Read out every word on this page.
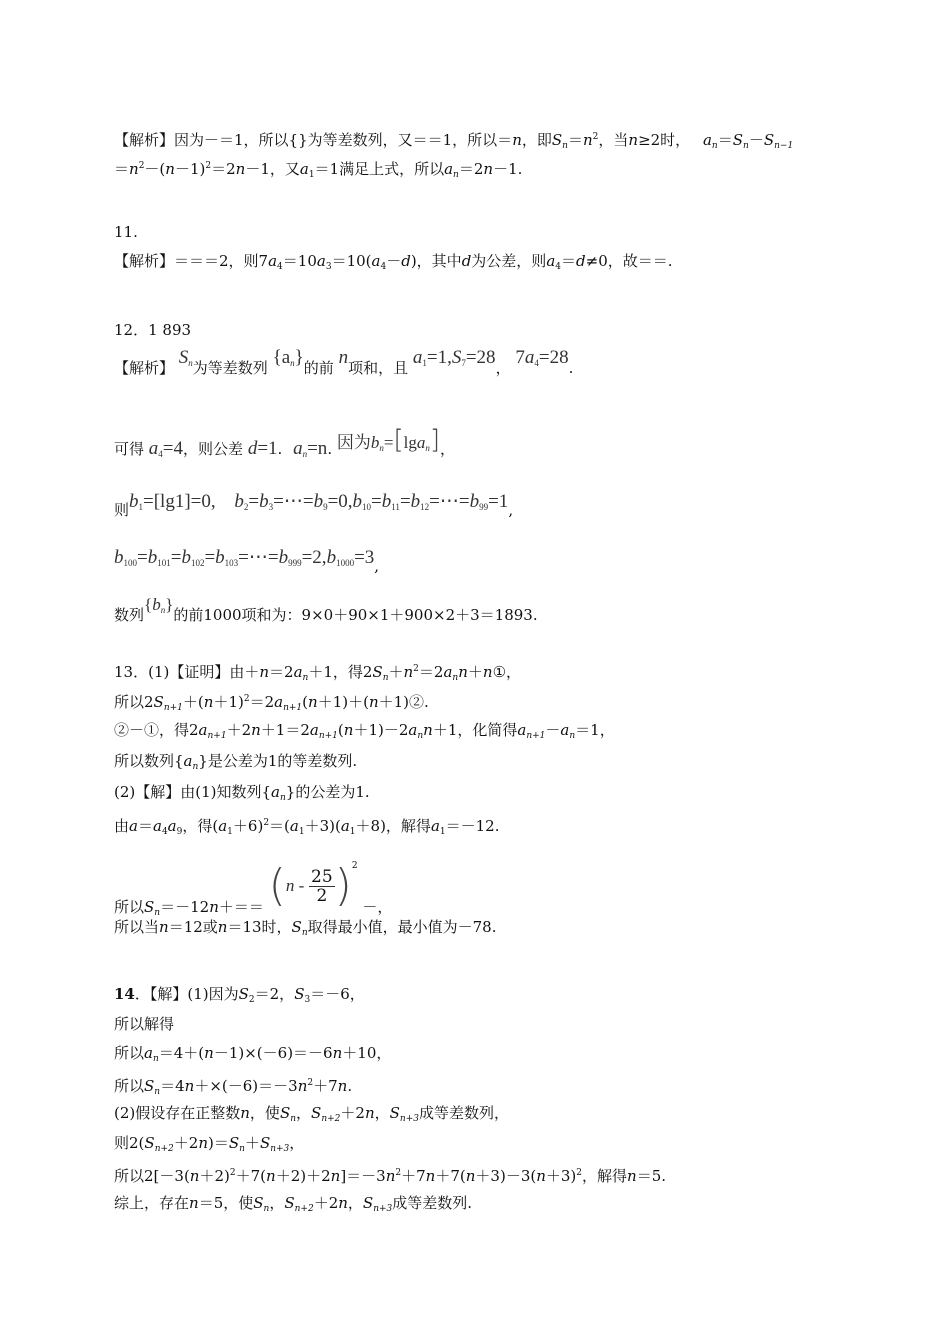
【解析】因为－＝1，所以{}为等差数列，又＝＝1，所以＝n，即$S_n=n^2$，当n≥2时， $a_n=S_n-S_{n-1}$
$=n^2-(n-1)^2=2n-1$，又$a_1=1$满足上式，所以$a_n=2n-1$.
11.
【解析】＝＝＝2，则$7a_4=10a_3=10(a_4-d)$，其中d为公差，则$a_4=d\ne 0$，故＝＝.
12．1 893
【解析】 $S_n$为等差数列 $\{a_n\}$的前 n项和，且 $a_1=1,S_7=28$， $7a_4=28$.
可得 $a_4=4$，则公差 d=1. $a_n=n$. 因为$b_n=[\lg a_n]$，
则$b_1=[\lg 1]=0$, $b_2=b_3=\cdots=b_9=0,b_{10}=b_{11}=b_{12}=\cdots=b_{99}=1$,
$b_{100}=b_{101}=b_{102}=b_{103}=\cdots=b_{999}=2,b_{1000}=3$,
数列$\{b_n\}$的前1000项和为：9×0＋90×1＋900×2＋3＝1893.
13．(1)【证明】由$+n=2a_n+1$，得$2S_n+n^2=2a_nn+n①$，
所以$2S_{n+1}+(n+1)^2=2a_{n+1}(n+1)+(n+1)②$.
②－①，得$2a_{n+1}+2n+1=2a_{n+1}(n+1)-2a_nn+1$，化简得$a_{n+1}-a_n=1$，
所以数列$\{a_n\}$是公差为1的等差数列.
(2)【解】由(1)知数列$\{a_n\}$的公差为1.
由$a=a_4a_9$，得$(a_1+6)^2=(a_1+3)(a_1+8)$，解得$a_1=-12$.
所以$S_n=-12n+== (n - \frac{25}{2} )^2$ －，
所以当n＝12或n＝13时，$S_n$取得最小值，最小值为－78.
14．【解】(1)因为$S_2=2$，$S_3=-6$，
所以解得
所以$a_n=4+(n-1)\times(-6)=-6n+10$，
所以$S_n=4n+\times(-6)=-3n^2+7n$.
(2)假设存在正整数n，使$S_n$，$S_{n+2}+2n$，$S_{n+3}$成等差数列，
则$2(S_{n+2}+2n)=S_n+S_{n+3}$，
所以$2[-3(n+2)^2+7(n+2)+2n]=-3n^2+7n+7(n+3)-3(n+3)^2$，解得n＝5.
综上，存在n＝5，使$S_n$，$S_{n+2}+2n$，$S_{n+3}$成等差数列.
